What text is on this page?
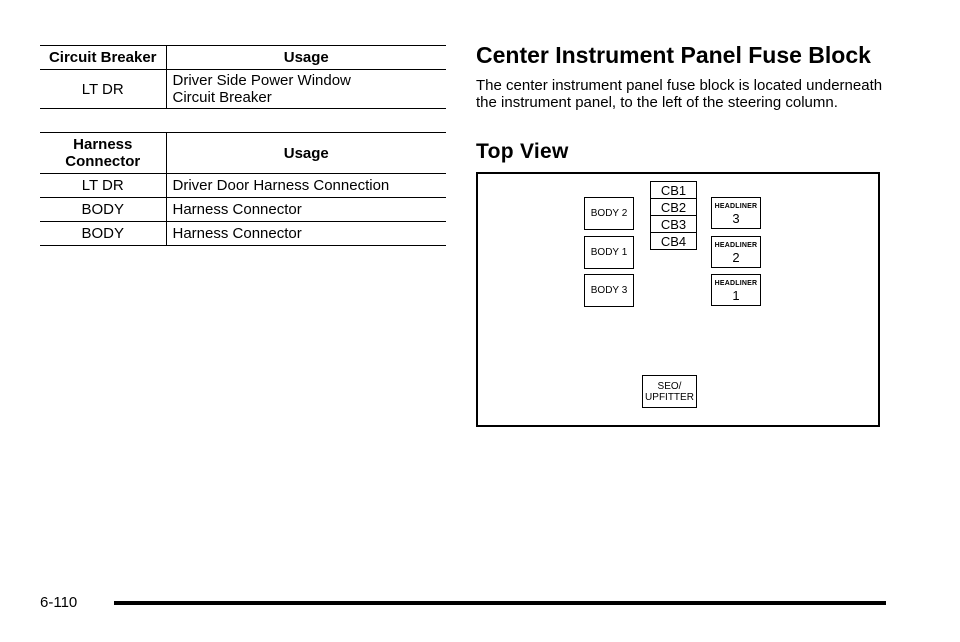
Circuit Breaker	Usage
LT DR	Driver Side Power Window
Circuit Breaker
Harness Connector	Usage
LT DR	Driver Door Harness Connection
BODY	Harness Connector
BODY	Harness Connector
Center Instrument Panel Fuse Block

The center instrument panel fuse block is located underneath the instrument panel, to the left of the steering column.

Top View
BODY 2
BODY 1
BODY 3
CB1
CB2
CB3
CB4
HEADLINER
3
HEADLINER
2
HEADLINER
1
SEO/
UPFITTER
6-110
